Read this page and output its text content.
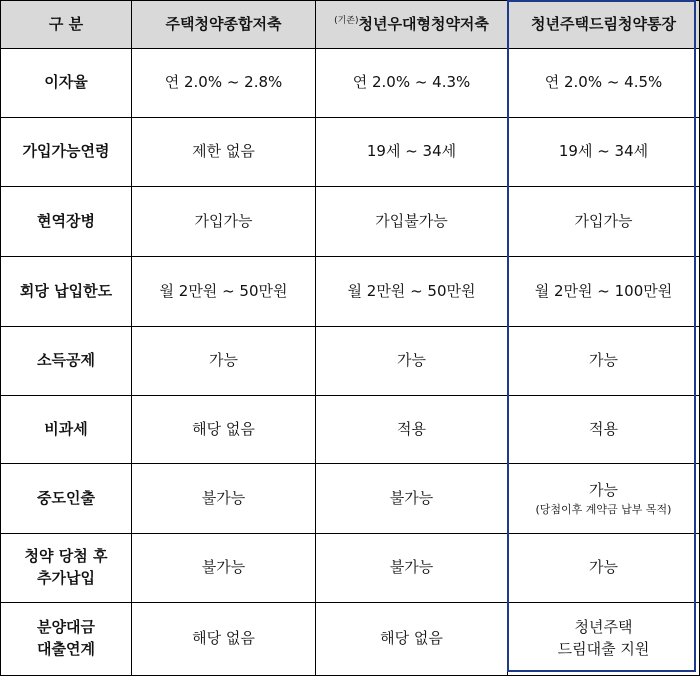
구 분	주택청약종합저축	$^{(기존)}$청년우대형청약저축	청년주택드림청약통장
이자율	연 2.0% ~ 2.8%	연 2.0% ~ 4.3%	연 2.0% ~ 4.5%
가입가능연령	제한 없음	19세 ~ 34세	19세 ~ 34세
현역장병	가입가능	가입불가능	가입가능
회당 납입한도	월 2만원 ~ 50만원	월 2만원 ~ 50만원	월 2만원 ~ 100만원
소득공제	가능	가능	가능
비과세	해당 없음	적용	적용
중도인출	불가능	불가능	가능
(당첨이후 계약금 납부 목적)

청약 당첨 후
추가납입	불가능	불가능	가능

분양대금
대출연계	해당 없음	해당 없음	청년주택
드림대출 지원
